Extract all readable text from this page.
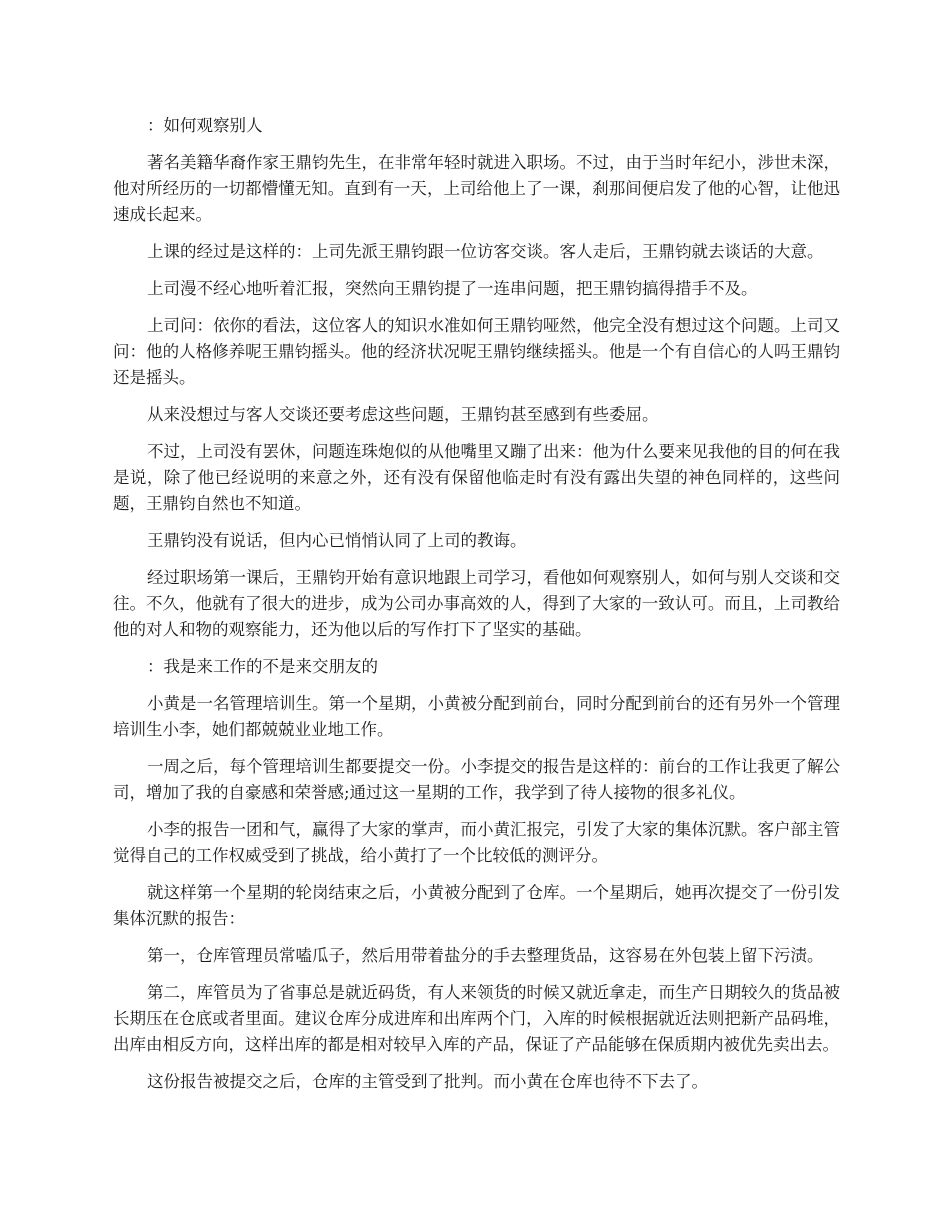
：如何观察别人

著名美籍华裔作家王鼎钧先生，在非常年轻时就进入职场。不过，由于当时年纪小，涉世未深，他对所经历的一切都懵懂无知。直到有一天，上司给他上了一课，刹那间便启发了他的心智，让他迅速成长起来。

上课的经过是这样的：上司先派王鼎钧跟一位访客交谈。客人走后，王鼎钧就去谈话的大意。

上司漫不经心地听着汇报，突然向王鼎钧提了一连串问题，把王鼎钧搞得措手不及。

上司问：依你的看法，这位客人的知识水准如何王鼎钧哑然，他完全没有想过这个问题。上司又问：他的人格修养呢王鼎钧摇头。他的经济状况呢王鼎钧继续摇头。他是一个有自信心的人吗王鼎钧还是摇头。

从来没想过与客人交谈还要考虑这些问题，王鼎钧甚至感到有些委屈。

不过，上司没有罢休，问题连珠炮似的从他嘴里又蹦了出来：他为什么要来见我他的目的何在我是说，除了他已经说明的来意之外，还有没有保留他临走时有没有露出失望的神色同样的，这些问题，王鼎钧自然也不知道。

王鼎钧没有说话，但内心已悄悄认同了上司的教诲。

经过职场第一课后，王鼎钧开始有意识地跟上司学习，看他如何观察别人，如何与别人交谈和交往。不久，他就有了很大的进步，成为公司办事高效的人，得到了大家的一致认可。而且，上司教给他的对人和物的观察能力，还为他以后的写作打下了坚实的基础。

：我是来工作的不是来交朋友的

小黄是一名管理培训生。第一个星期，小黄被分配到前台，同时分配到前台的还有另外一个管理培训生小李，她们都兢兢业业地工作。

一周之后，每个管理培训生都要提交一份。小李提交的报告是这样的：前台的工作让我更了解公司，增加了我的自豪感和荣誉感;通过这一星期的工作，我学到了待人接物的很多礼仪。

小李的报告一团和气，赢得了大家的掌声，而小黄汇报完，引发了大家的集体沉默。客户部主管觉得自己的工作权威受到了挑战，给小黄打了一个比较低的测评分。

就这样第一个星期的轮岗结束之后，小黄被分配到了仓库。一个星期后，她再次提交了一份引发集体沉默的报告：

第一，仓库管理员常嗑瓜子，然后用带着盐分的手去整理货品，这容易在外包装上留下污渍。

第二，库管员为了省事总是就近码货，有人来领货的时候又就近拿走，而生产日期较久的货品被长期压在仓底或者里面。建议仓库分成进库和出库两个门，入库的时候根据就近法则把新产品码堆，出库由相反方向，这样出库的都是相对较早入库的产品，保证了产品能够在保质期内被优先卖出去。

这份报告被提交之后，仓库的主管受到了批判。而小黄在仓库也待不下去了。
